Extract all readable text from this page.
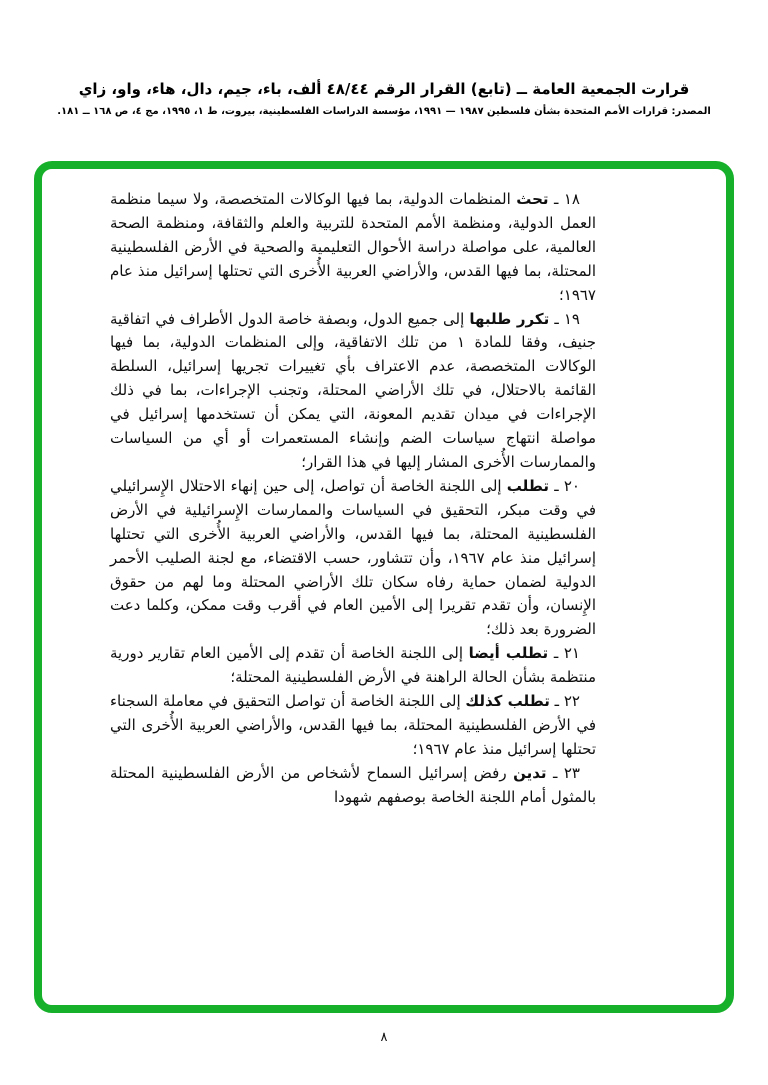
قرارت الجمعية العامة ــ (تابع) القرار الرقم ٤٨/٤٤ ألف، باء، جيم، دال، هاء، واو، زاي
المصدر: قرارات الأمم المتحدة بشأن فلسطين ١٩٨٧ — ١٩٩١، مؤسسة الدراسات الفلسطينية، بيروت، ط ١، ١٩٩٥، مج ٤، ص ١٦٨ ــ ١٨١.

١٨ ـ تحث المنظمات الدولية، بما فيها الوكالات المتخصصة، ولا سيما منظمة العمل الدولية، ومنظمة الأمم المتحدة للتربية والعلم والثقافة، ومنظمة الصحة العالمية، على مواصلة دراسة الأحوال التعليمية والصحية في الأرض الفلسطينية المحتلة، بما فيها القدس، والأراضي العربية الأُخرى التي تحتلها إسرائيل منذ عام ١٩٦٧؛

١٩ ـ تكرر طلبها إلى جميع الدول، وبصفة خاصة الدول الأطراف في اتفاقية جنيف، وفقا للمادة ١ من تلك الاتفاقية، وإلى المنظمات الدولية، بما فيها الوكالات المتخصصة، عدم الاعتراف بأي تغييرات تجريها إسرائيل، السلطة القائمة بالاحتلال، في تلك الأراضي المحتلة، وتجنب الإجراءات، بما في ذلك الإجراءات في ميدان تقديم المعونة، التي يمكن أن تستخدمها إسرائيل في مواصلة انتهاج سياسات الضم وإنشاء المستعمرات أو أي من السياسات والممارسات الأُخرى المشار إليها في هذا القرار؛

٢٠ ـ تطلب إلى اللجنة الخاصة أن تواصل، إلى حين إنهاء الاحتلال الإِسرائيلي في وقت مبكر، التحقيق في السياسات والممارسات الإِسرائيلية في الأرض الفلسطينية المحتلة، بما فيها القدس، والأراضي العربية الأُخرى التي تحتلها إسرائيل منذ عام ١٩٦٧، وأن تتشاور، حسب الاقتضاء، مع لجنة الصليب الأحمر الدولية لضمان حماية رفاه سكان تلك الأراضي المحتلة وما لهم من حقوق الإِنسان، وأن تقدم تقريرا إلى الأمين العام في أقرب وقت ممكن، وكلما دعت الضرورة بعد ذلك؛

٢١ ـ تطلب أيضا إلى اللجنة الخاصة أن تقدم إلى الأمين العام تقارير دورية منتظمة بشأن الحالة الراهنة في الأرض الفلسطينية المحتلة؛

٢٢ ـ تطلب كذلك إلى اللجنة الخاصة أن تواصل التحقيق في معاملة السجناء في الأرض الفلسطينية المحتلة، بما فيها القدس، والأراضي العربية الأُخرى التي تحتلها إسرائيل منذ عام ١٩٦٧؛

٢٣ ـ تدين رفض إسرائيل السماح لأشخاص من الأرض الفلسطينية المحتلة بالمثول أمام اللجنة الخاصة بوصفهم شهودا

٨
